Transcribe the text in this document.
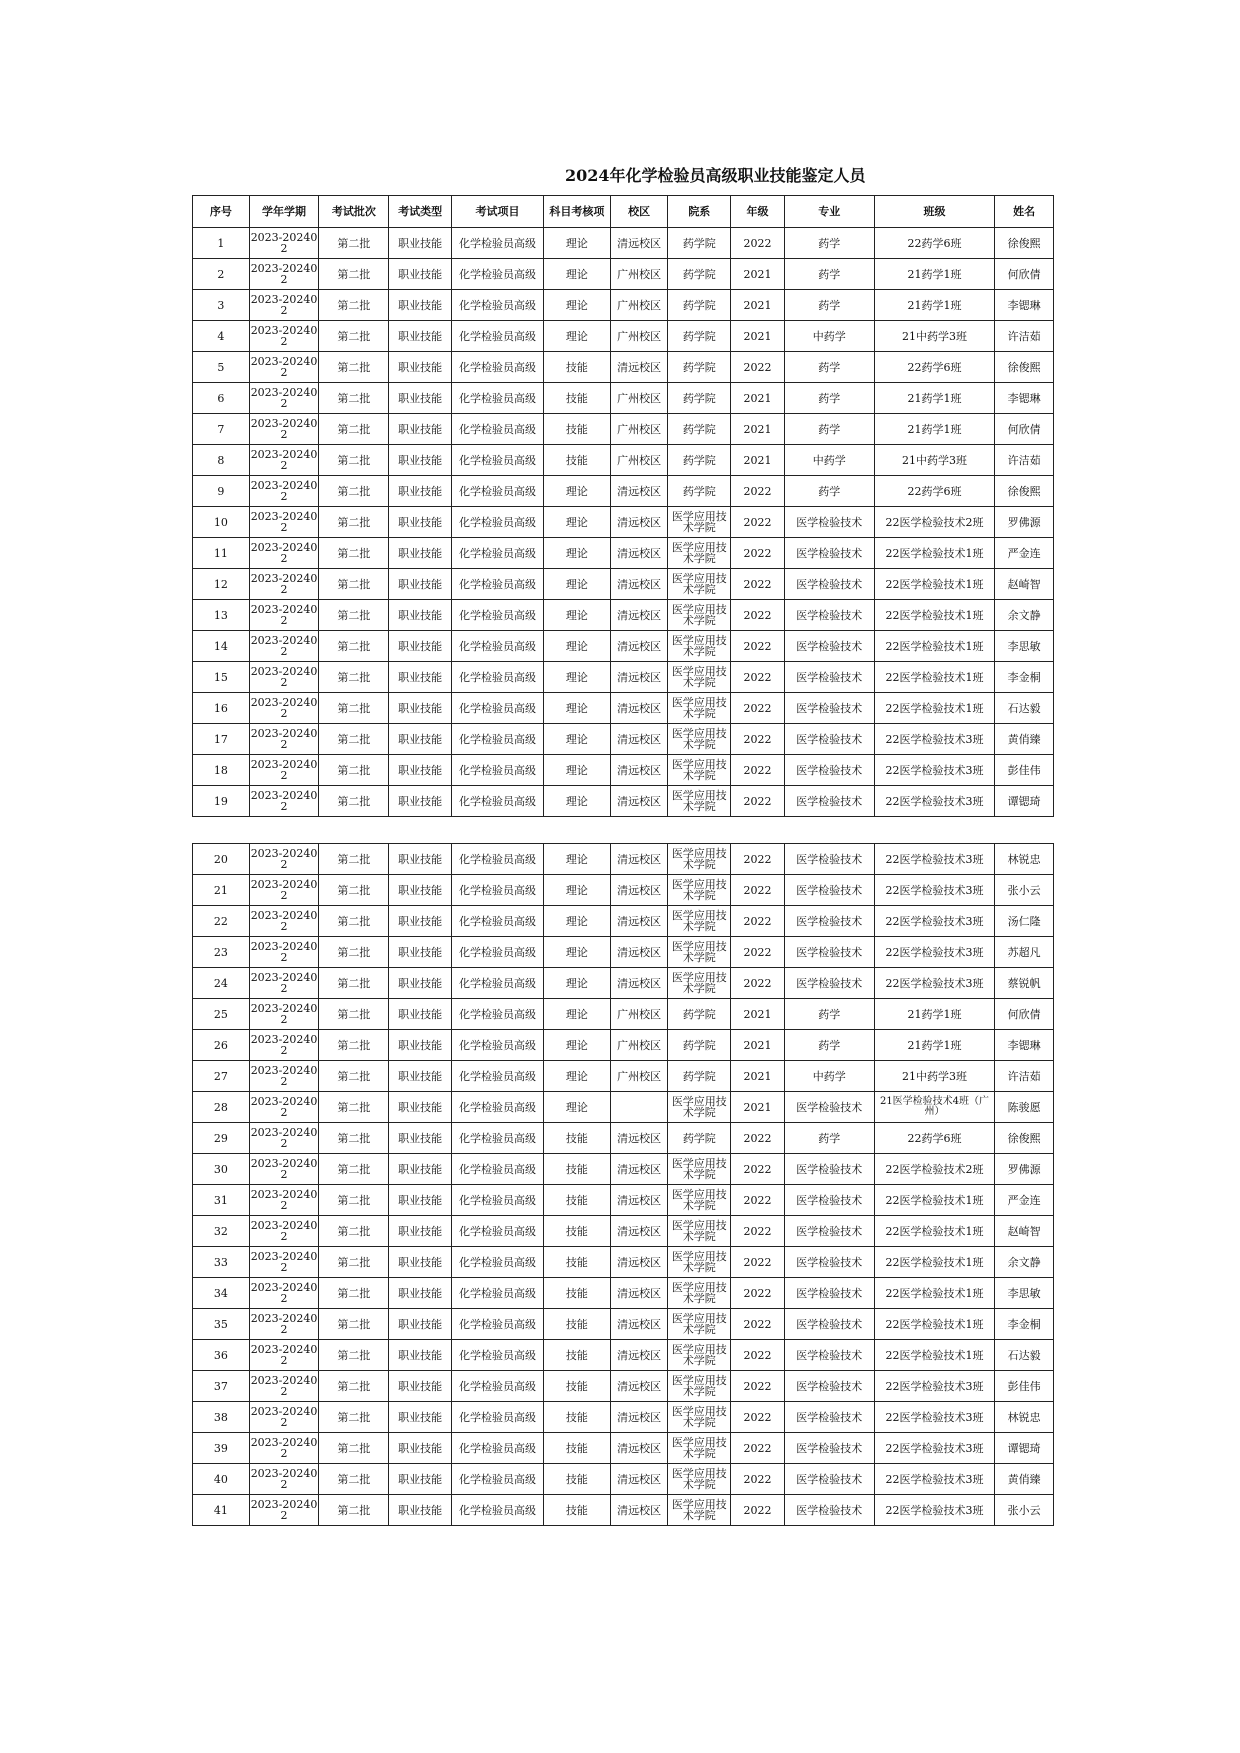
2024年化学检验员高级职业技能鉴定人员
序号	学年学期	考试批次	考试类型	考试项目	科目考核项	校区	院系	年级	专业	班级	姓名
1	2023-202402	第二批	职业技能	化学检验员高级	理论	清远校区	药学院	2022	药学	22药学6班	徐俊熙
2	2023-202402	第二批	职业技能	化学检验员高级	理论	广州校区	药学院	2021	药学	21药学1班	何欣倩
3	2023-202402	第二批	职业技能	化学检验员高级	理论	广州校区	药学院	2021	药学	21药学1班	李锶琳
4	2023-202402	第二批	职业技能	化学检验员高级	理论	广州校区	药学院	2021	中药学	21中药学3班	许洁茹
5	2023-202402	第二批	职业技能	化学检验员高级	技能	清远校区	药学院	2022	药学	22药学6班	徐俊熙
6	2023-202402	第二批	职业技能	化学检验员高级	技能	广州校区	药学院	2021	药学	21药学1班	李锶琳
7	2023-202402	第二批	职业技能	化学检验员高级	技能	广州校区	药学院	2021	药学	21药学1班	何欣倩
8	2023-202402	第二批	职业技能	化学检验员高级	技能	广州校区	药学院	2021	中药学	21中药学3班	许洁茹
9	2023-202402	第二批	职业技能	化学检验员高级	理论	清远校区	药学院	2022	药学	22药学6班	徐俊熙
10	2023-202402	第二批	职业技能	化学检验员高级	理论	清远校区	医学应用技术学院	2022	医学检验技术	22医学检验技术2班	罗佛源
11	2023-202402	第二批	职业技能	化学检验员高级	理论	清远校区	医学应用技术学院	2022	医学检验技术	22医学检验技术1班	严金连
12	2023-202402	第二批	职业技能	化学检验员高级	理论	清远校区	医学应用技术学院	2022	医学检验技术	22医学检验技术1班	赵崎智
13	2023-202402	第二批	职业技能	化学检验员高级	理论	清远校区	医学应用技术学院	2022	医学检验技术	22医学检验技术1班	余文静
14	2023-202402	第二批	职业技能	化学检验员高级	理论	清远校区	医学应用技术学院	2022	医学检验技术	22医学检验技术1班	李思敏
15	2023-202402	第二批	职业技能	化学检验员高级	理论	清远校区	医学应用技术学院	2022	医学检验技术	22医学检验技术1班	李金桐
16	2023-202402	第二批	职业技能	化学检验员高级	理论	清远校区	医学应用技术学院	2022	医学检验技术	22医学检验技术1班	石达毅
17	2023-202402	第二批	职业技能	化学检验员高级	理论	清远校区	医学应用技术学院	2022	医学检验技术	22医学检验技术3班	黄俏臻
18	2023-202402	第二批	职业技能	化学检验员高级	理论	清远校区	医学应用技术学院	2022	医学检验技术	22医学检验技术3班	彭佳伟
19	2023-202402	第二批	职业技能	化学检验员高级	理论	清远校区	医学应用技术学院	2022	医学检验技术	22医学检验技术3班	谭锶琦
20	2023-202402	第二批	职业技能	化学检验员高级	理论	清远校区	医学应用技术学院	2022	医学检验技术	22医学检验技术3班	林锐忠
21	2023-202402	第二批	职业技能	化学检验员高级	理论	清远校区	医学应用技术学院	2022	医学检验技术	22医学检验技术3班	张小云
22	2023-202402	第二批	职业技能	化学检验员高级	理论	清远校区	医学应用技术学院	2022	医学检验技术	22医学检验技术3班	汤仁隆
23	2023-202402	第二批	职业技能	化学检验员高级	理论	清远校区	医学应用技术学院	2022	医学检验技术	22医学检验技术3班	苏超凡
24	2023-202402	第二批	职业技能	化学检验员高级	理论	清远校区	医学应用技术学院	2022	医学检验技术	22医学检验技术3班	蔡锐帆
25	2023-202402	第二批	职业技能	化学检验员高级	理论	广州校区	药学院	2021	药学	21药学1班	何欣倩
26	2023-202402	第二批	职业技能	化学检验员高级	理论	广州校区	药学院	2021	药学	21药学1班	李锶琳
27	2023-202402	第二批	职业技能	化学检验员高级	理论	广州校区	药学院	2021	中药学	21中药学3班	许洁茹
28	2023-202402	第二批	职业技能	化学检验员高级	理论		医学应用技术学院	2021	医学检验技术	21医学检验技术4班（广州）	陈骏愿
29	2023-202402	第二批	职业技能	化学检验员高级	技能	清远校区	药学院	2022	药学	22药学6班	徐俊熙
30	2023-202402	第二批	职业技能	化学检验员高级	技能	清远校区	医学应用技术学院	2022	医学检验技术	22医学检验技术2班	罗佛源
31	2023-202402	第二批	职业技能	化学检验员高级	技能	清远校区	医学应用技术学院	2022	医学检验技术	22医学检验技术1班	严金连
32	2023-202402	第二批	职业技能	化学检验员高级	技能	清远校区	医学应用技术学院	2022	医学检验技术	22医学检验技术1班	赵崎智
33	2023-202402	第二批	职业技能	化学检验员高级	技能	清远校区	医学应用技术学院	2022	医学检验技术	22医学检验技术1班	余文静
34	2023-202402	第二批	职业技能	化学检验员高级	技能	清远校区	医学应用技术学院	2022	医学检验技术	22医学检验技术1班	李思敏
35	2023-202402	第二批	职业技能	化学检验员高级	技能	清远校区	医学应用技术学院	2022	医学检验技术	22医学检验技术1班	李金桐
36	2023-202402	第二批	职业技能	化学检验员高级	技能	清远校区	医学应用技术学院	2022	医学检验技术	22医学检验技术1班	石达毅
37	2023-202402	第二批	职业技能	化学检验员高级	技能	清远校区	医学应用技术学院	2022	医学检验技术	22医学检验技术3班	彭佳伟
38	2023-202402	第二批	职业技能	化学检验员高级	技能	清远校区	医学应用技术学院	2022	医学检验技术	22医学检验技术3班	林锐忠
39	2023-202402	第二批	职业技能	化学检验员高级	技能	清远校区	医学应用技术学院	2022	医学检验技术	22医学检验技术3班	谭锶琦
40	2023-202402	第二批	职业技能	化学检验员高级	技能	清远校区	医学应用技术学院	2022	医学检验技术	22医学检验技术3班	黄俏臻
41	2023-202402	第二批	职业技能	化学检验员高级	技能	清远校区	医学应用技术学院	2022	医学检验技术	22医学检验技术3班	张小云
